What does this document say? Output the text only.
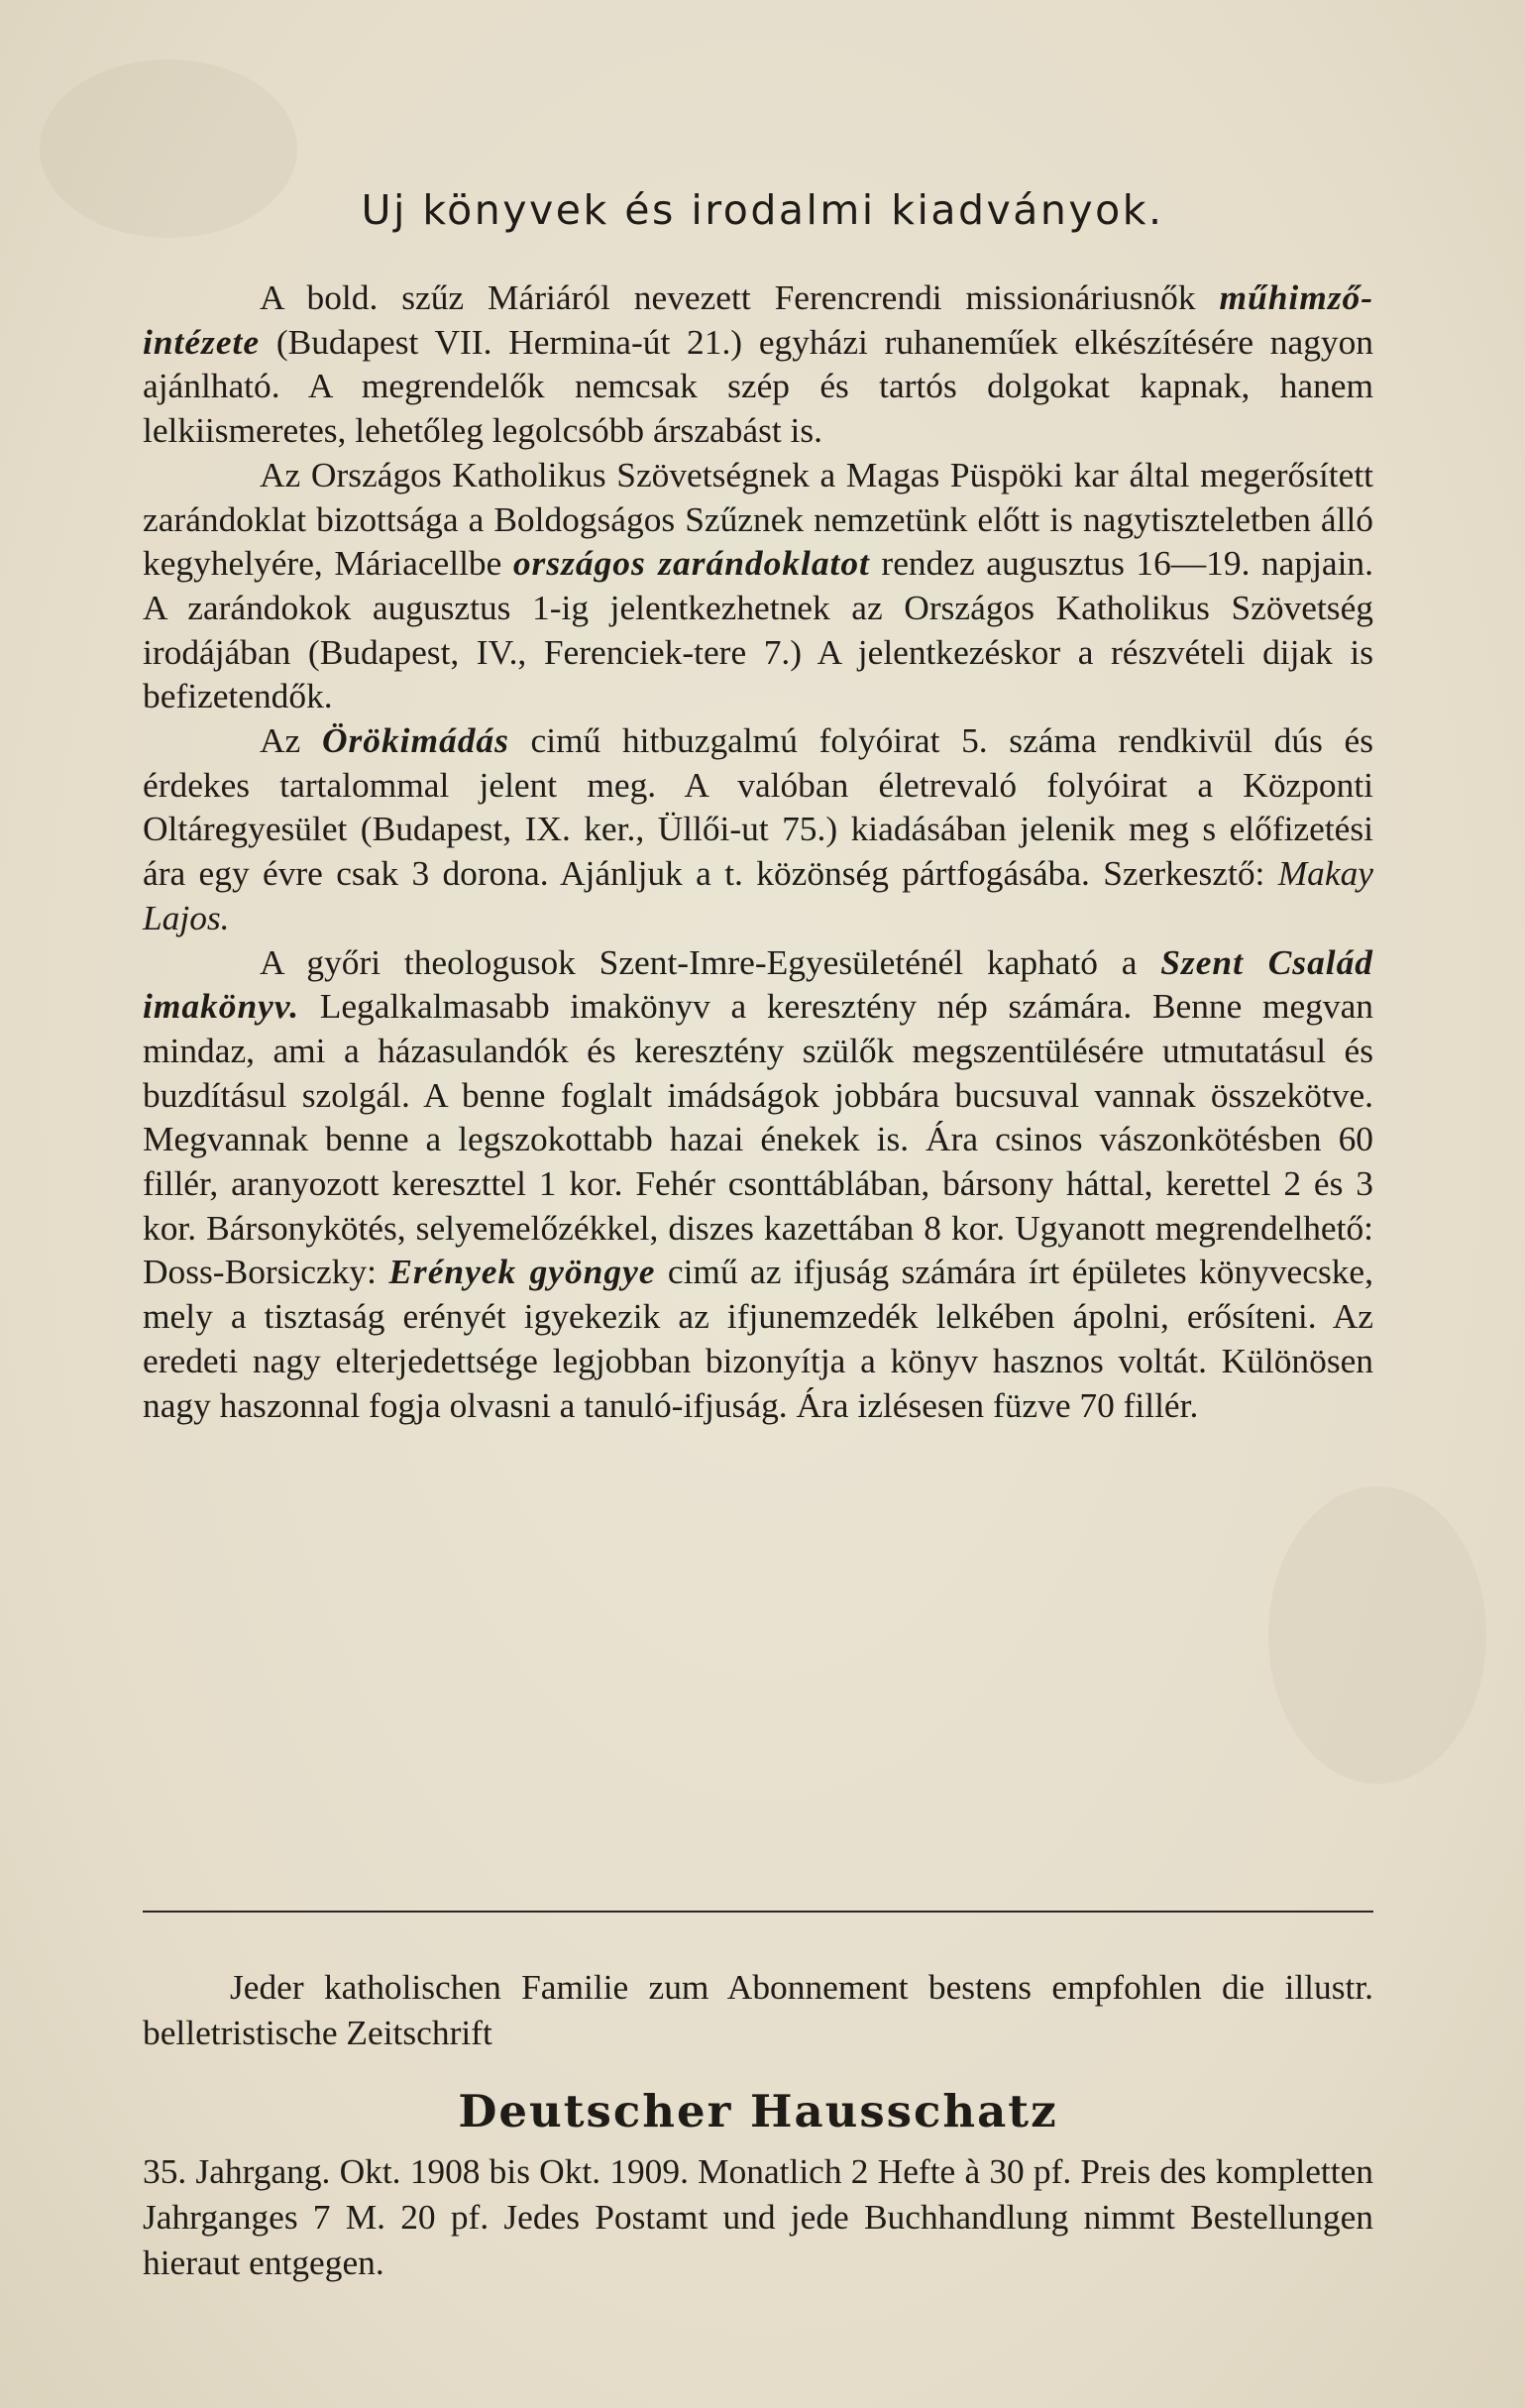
Uj könyvek és irodalmi kiadványok.

A bold. szűz Máriáról nevezett Ferencrendi missionáriusnők műhimző-intézete (Budapest VII. Hermina-út 21.) egyházi ruhaneműek elkészítésére nagyon ajánlható. A megrendelők nemcsak szép és tartós dolgokat kapnak, hanem lelkiismeretes, lehetőleg legolcsóbb árszabást is.

Az Országos Katholikus Szövetségnek a Magas Püspöki kar által megerősített zarándoklat bizottsága a Boldogságos Szűznek nemzetünk előtt is nagytiszteletben álló kegyhelyére, Máriacellbe országos zarándoklatot rendez augusztus 16—19. napjain. A zarándokok augusztus 1-ig jelentkezhetnek az Országos Katholikus Szövetség irodájában (Budapest, IV., Ferenciek-tere 7.) A jelentkezéskor a részvételi dijak is befizetendők.

Az Örökimádás cimű hitbuzgalmú folyóirat 5. száma rendkivül dús és érdekes tartalommal jelent meg. A valóban életrevaló folyóirat a Központi Oltáregyesület (Budapest, IX. ker., Üllői-ut 75.) kiadásában jelenik meg s előfizetési ára egy évre csak 3 dorona. Ajánljuk a t. közönség pártfogásába. Szerkesztő: Makay Lajos.

A győri theologusok Szent-Imre-Egyesületénél kapható a Szent Család imakönyv. Legalkalmasabb imakönyv a keresztény nép számára. Benne megvan mindaz, ami a házasulandók és keresztény szülők megszentülésére utmutatásul és buzdításul szolgál. A benne foglalt imádságok jobbára bucsuval vannak összekötve. Megvannak benne a legszokottabb hazai énekek is. Ára csinos vászonkötésben 60 fillér, aranyozott kereszttel 1 kor. Fehér csonttáblában, bársony háttal, kerettel 2 és 3 kor. Bársonykötés, selyemelőzékkel, diszes kazettában 8 kor. Ugyanott megrendelhető: Doss-Borsiczky: Erények gyöngye cimű az ifjuság számára írt épületes könyvecske, mely a tisztaság erényét igyekezik az ifjunemzedék lelkében ápolni, erősíteni. Az eredeti nagy elterjedettsége legjobban bizonyítja a könyv hasznos voltát. Különösen nagy haszonnal fogja olvasni a tanuló-ifjuság. Ára izlésesen füzve 70 fillér.

Jeder katholischen Familie zum Abonnement bestens empfohlen die illustr. belletristische Zeitschrift

Deutscher Hausschatz

35. Jahrgang. Okt. 1908 bis Okt. 1909. Monatlich 2 Hefte à 30 pf. Preis des kompletten Jahrganges 7 M. 20 pf. Jedes Postamt und jede Buchhandlung nimmt Bestellungen hieraut entgegen.
